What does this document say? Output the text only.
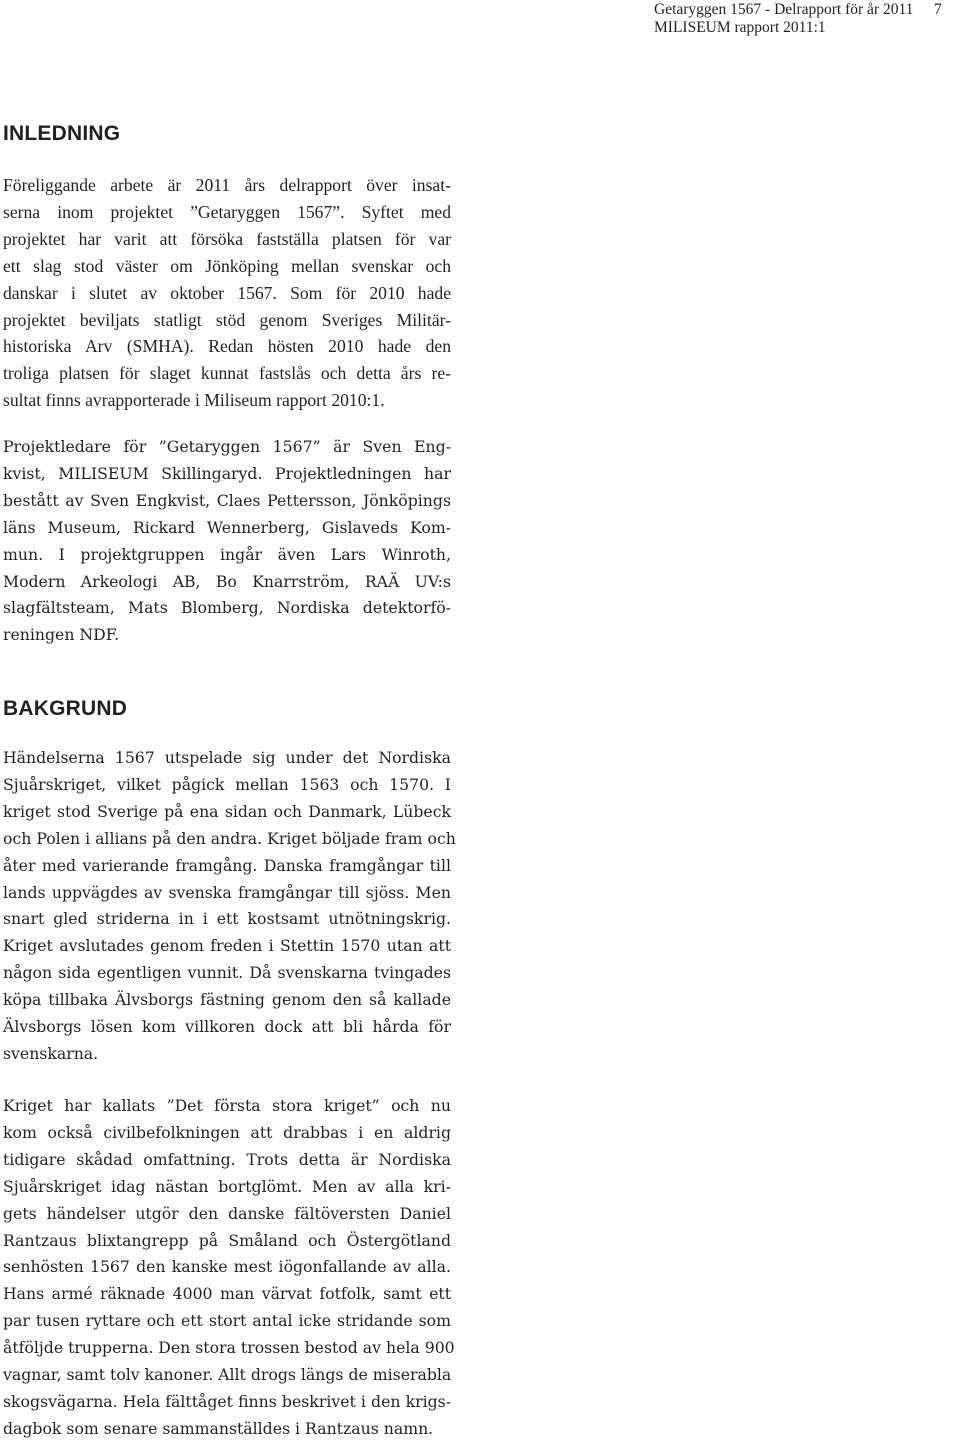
Getaryggen 1567 - Delrapport för år 2011
MILISEUM rapport 2011:1
7
INLEDNING
Föreliggande arbete är 2011 års delrapport över insat-
serna inom projektet ”Getaryggen 1567”. Syftet med
projektet har varit att försöka fastställa platsen för var
ett slag stod väster om Jönköping mellan svenskar och
danskar i slutet av oktober 1567. Som för 2010 hade
projektet beviljats statligt stöd genom Sveriges Militär-
historiska Arv (SMHA). Redan hösten 2010 hade den
troliga platsen för slaget kunnat fastslås och detta års re-
sultat finns avrapporterade i Miliseum rapport 2010:1.
Projektledare för ”Getaryggen 1567” är Sven Eng-
kvist, MILISEUM Skillingaryd. Projektledningen har
bestått av Sven Engkvist, Claes Pettersson, Jönköpings
läns Museum, Rickard Wennerberg, Gislaveds Kom-
mun. I projektgruppen ingår även Lars Winroth,
Modern Arkeologi AB, Bo Knarrström, RAÄ UV:s
slagfältsteam, Mats Blomberg, Nordiska detektorfö-
reningen NDF.
BAKGRUND
Händelserna 1567 utspelade sig under det Nordiska
Sjuårskriget, vilket pågick mellan 1563 och 1570. I
kriget stod Sverige på ena sidan och Danmark, Lübeck
och Polen i allians på den andra. Kriget böljade fram och
åter med varierande framgång. Danska framgångar till
lands uppvägdes av svenska framgångar till sjöss. Men
snart gled striderna in i ett kostsamt utnötningskrig.
Kriget avslutades genom freden i Stettin 1570 utan att
någon sida egentligen vunnit. Då svenskarna tvingades
köpa tillbaka Älvsborgs fästning genom den så kallade
Älvsborgs lösen kom villkoren dock att bli hårda för
svenskarna.
Kriget har kallats ”Det första stora kriget” och nu
kom också civilbefolkningen att drabbas i en aldrig
tidigare skådad omfattning. Trots detta är Nordiska
Sjuårskriget idag nästan bortglömt. Men av alla kri-
gets händelser utgör den danske fältöversten Daniel
Rantzaus blixtangrepp på Småland och Östergötland
senhösten 1567 den kanske mest iögonfallande av alla.
Hans armé räknade 4000 man värvat fotfolk, samt ett
par tusen ryttare och ett stort antal icke stridande som
åtföljde trupperna. Den stora trossen bestod av hela 900
vagnar, samt tolv kanoner. Allt drogs längs de miserabla
skogsvägarna. Hela fälttåget finns beskrivet i den krigs-
dagbok som senare sammanställdes i Rantzaus namn.
